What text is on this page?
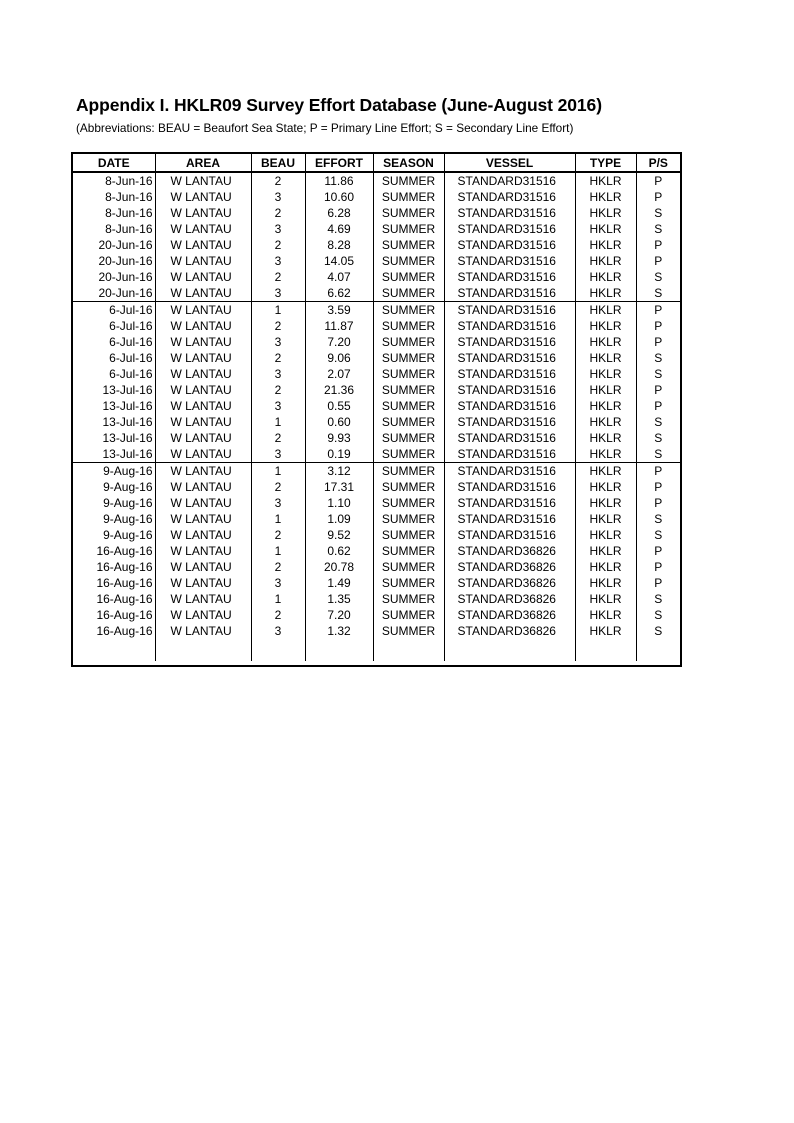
Appendix I. HKLR09 Survey Effort Database (June-August 2016)
(Abbreviations: BEAU = Beaufort Sea State; P = Primary Line Effort; S = Secondary Line Effort)
DATE	AREA	BEAU	EFFORT	SEASON	VESSEL	TYPE	P/S
8-Jun-16	W LANTAU	2	11.86	SUMMER	STANDARD31516	HKLR	P
8-Jun-16	W LANTAU	3	10.60	SUMMER	STANDARD31516	HKLR	P
8-Jun-16	W LANTAU	2	6.28	SUMMER	STANDARD31516	HKLR	S
8-Jun-16	W LANTAU	3	4.69	SUMMER	STANDARD31516	HKLR	S
20-Jun-16	W LANTAU	2	8.28	SUMMER	STANDARD31516	HKLR	P
20-Jun-16	W LANTAU	3	14.05	SUMMER	STANDARD31516	HKLR	P
20-Jun-16	W LANTAU	2	4.07	SUMMER	STANDARD31516	HKLR	S
20-Jun-16	W LANTAU	3	6.62	SUMMER	STANDARD31516	HKLR	S
6-Jul-16	W LANTAU	1	3.59	SUMMER	STANDARD31516	HKLR	P
6-Jul-16	W LANTAU	2	11.87	SUMMER	STANDARD31516	HKLR	P
6-Jul-16	W LANTAU	3	7.20	SUMMER	STANDARD31516	HKLR	P
6-Jul-16	W LANTAU	2	9.06	SUMMER	STANDARD31516	HKLR	S
6-Jul-16	W LANTAU	3	2.07	SUMMER	STANDARD31516	HKLR	S
13-Jul-16	W LANTAU	2	21.36	SUMMER	STANDARD31516	HKLR	P
13-Jul-16	W LANTAU	3	0.55	SUMMER	STANDARD31516	HKLR	P
13-Jul-16	W LANTAU	1	0.60	SUMMER	STANDARD31516	HKLR	S
13-Jul-16	W LANTAU	2	9.93	SUMMER	STANDARD31516	HKLR	S
13-Jul-16	W LANTAU	3	0.19	SUMMER	STANDARD31516	HKLR	S
9-Aug-16	W LANTAU	1	3.12	SUMMER	STANDARD31516	HKLR	P
9-Aug-16	W LANTAU	2	17.31	SUMMER	STANDARD31516	HKLR	P
9-Aug-16	W LANTAU	3	1.10	SUMMER	STANDARD31516	HKLR	P
9-Aug-16	W LANTAU	1	1.09	SUMMER	STANDARD31516	HKLR	S
9-Aug-16	W LANTAU	2	9.52	SUMMER	STANDARD31516	HKLR	S
16-Aug-16	W LANTAU	1	0.62	SUMMER	STANDARD36826	HKLR	P
16-Aug-16	W LANTAU	2	20.78	SUMMER	STANDARD36826	HKLR	P
16-Aug-16	W LANTAU	3	1.49	SUMMER	STANDARD36826	HKLR	P
16-Aug-16	W LANTAU	1	1.35	SUMMER	STANDARD36826	HKLR	S
16-Aug-16	W LANTAU	2	7.20	SUMMER	STANDARD36826	HKLR	S
16-Aug-16	W LANTAU	3	1.32	SUMMER	STANDARD36826	HKLR	S
